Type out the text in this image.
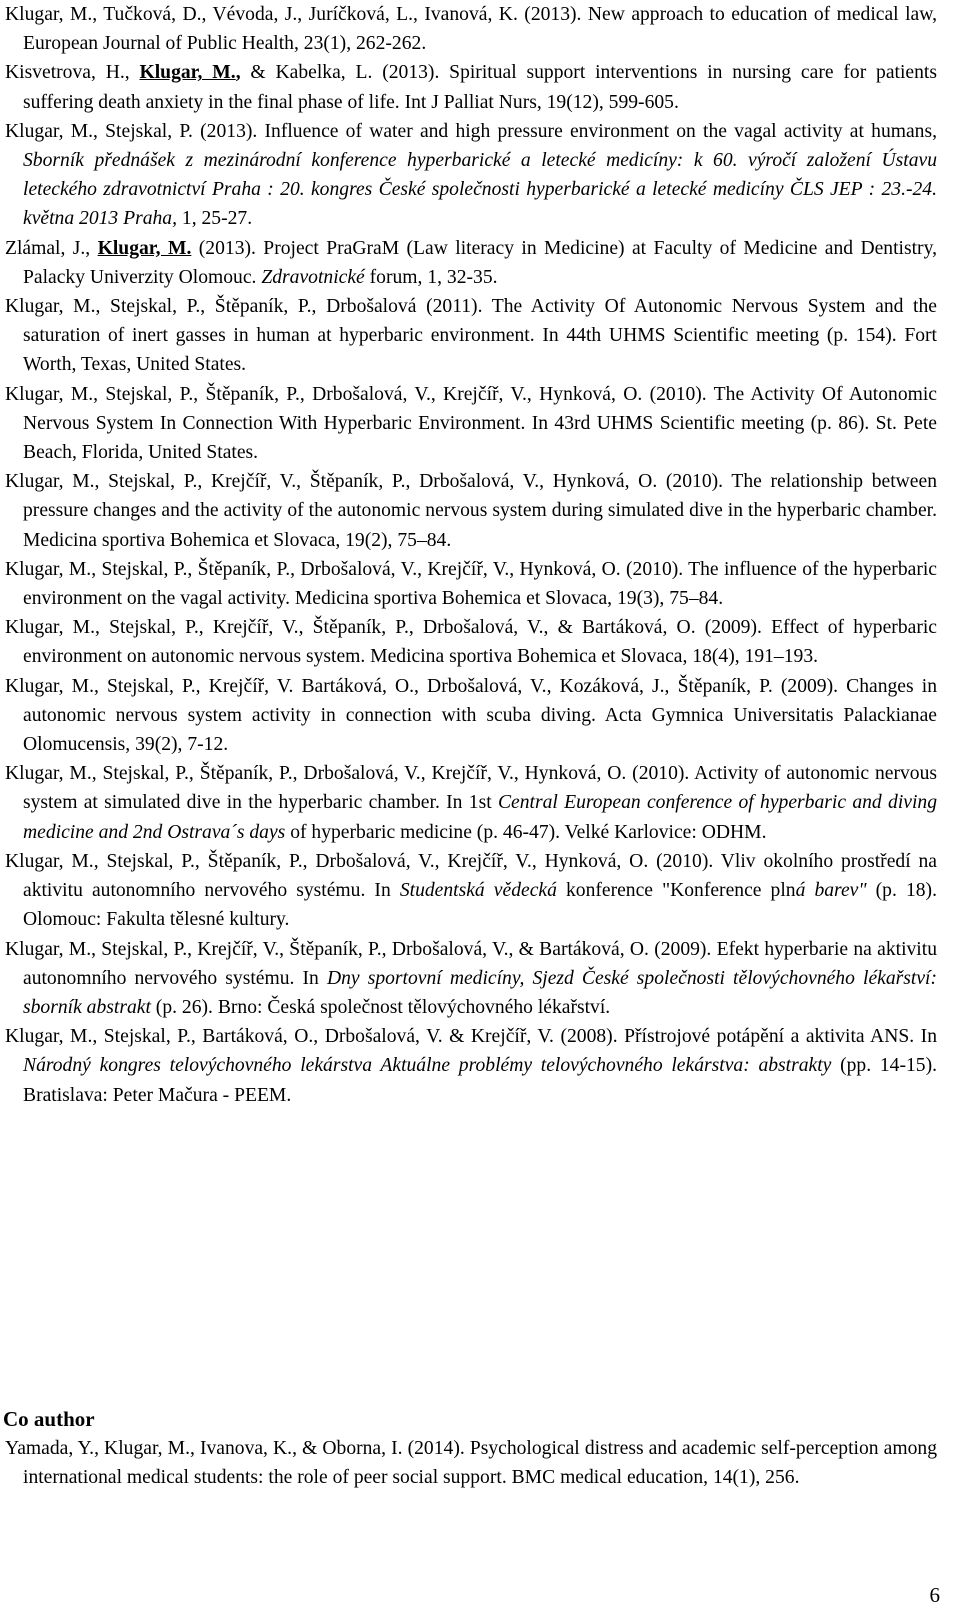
Klugar, M., Tučková, D., Vévoda, J., Juríčková, L., Ivanová, K. (2013). New approach to education of medical law, European Journal of Public Health, 23(1), 262-262.
Kisvetrova, H., Klugar, M., & Kabelka, L. (2013). Spiritual support interventions in nursing care for patients suffering death anxiety in the final phase of life. Int J Palliat Nurs, 19(12), 599-605.
Klugar, M., Stejskal, P. (2013). Influence of water and high pressure environment on the vagal activity at humans, Sborník přednášek z mezinárodní konference hyperbarické a letecké medicíny: k 60. výročí založení Ústavu leteckého zdravotnictví Praha : 20. kongres České společnosti hyperbarické a letecké medicíny ČLS JEP : 23.-24. května 2013 Praha, 1, 25-27.
Zlámal, J., Klugar, M. (2013). Project PraGraM (Law literacy in Medicine) at Faculty of Medicine and Dentistry, Palacky Univerzity Olomouc. Zdravotnické forum, 1, 32-35.
Klugar, M., Stejskal, P., Štěpaník, P., Drbošalová (2011). The Activity Of Autonomic Nervous System and the saturation of inert gasses in human at hyperbaric environment. In 44th UHMS Scientific meeting (p. 154). Fort Worth, Texas, United States.
Klugar, M., Stejskal, P., Štěpaník, P., Drbošalová, V., Krejčíř, V., Hynková, O. (2010). The Activity Of Autonomic Nervous System In Connection With Hyperbaric Environment. In 43rd UHMS Scientific meeting (p. 86). St. Pete Beach, Florida, United States.
Klugar, M., Stejskal, P., Krejčíř, V., Štěpaník, P., Drbošalová, V., Hynková, O. (2010). The relationship between pressure changes and the activity of the autonomic nervous system during simulated dive in the hyperbaric chamber. Medicina sportiva Bohemica et Slovaca, 19(2), 75–84.
Klugar, M., Stejskal, P., Štěpaník, P., Drbošalová, V., Krejčíř, V., Hynková, O. (2010). The influence of the hyperbaric environment on the vagal activity. Medicina sportiva Bohemica et Slovaca, 19(3), 75–84.
Klugar, M., Stejskal, P., Krejčíř, V., Štěpaník, P., Drbošalová, V., & Bartáková, O. (2009). Effect of hyperbaric environment on autonomic nervous system. Medicina sportiva Bohemica et Slovaca, 18(4), 191–193.
Klugar, M., Stejskal, P., Krejčíř, V. Bartáková, O., Drbošalová, V., Kozáková, J., Štěpaník, P. (2009). Changes in autonomic nervous system activity in connection with scuba diving. Acta Gymnica Universitatis Palackianae Olomucensis, 39(2), 7-12.
Klugar, M., Stejskal, P., Štěpaník, P., Drbošalová, V., Krejčíř, V., Hynková, O. (2010). Activity of autonomic nervous system at simulated dive in the hyperbaric chamber. In 1st Central European conference of hyperbaric and diving medicine and 2nd Ostrava´s days of hyperbaric medicine (p. 46-47). Velké Karlovice: ODHM.
Klugar, M., Stejskal, P., Štěpaník, P., Drbošalová, V., Krejčíř, V., Hynková, O. (2010). Vliv okolního prostředí na aktivitu autonomního nervového systému. In Studentská vědecká konference "Konference plná barev" (p. 18). Olomouc: Fakulta tělesné kultury.
Klugar, M., Stejskal, P., Krejčíř, V., Štěpaník, P., Drbošalová, V., & Bartáková, O. (2009). Efekt hyperbarie na aktivitu autonomního nervového systému. In Dny sportovní medicíny, Sjezd České společnosti tělovýchovného lékařství: sborník abstrakt (p. 26). Brno: Česká společnost tělovýchovného lékařství.
Klugar, M., Stejskal, P., Bartáková, O., Drbošalová, V. & Krejčíř, V. (2008). Přístrojové potápění a aktivita ANS. In Národný kongres telovýchovného lekárstva Aktuálne problémy telovýchovného lekárstva: abstrakty (pp. 14-15). Bratislava: Peter Mačura - PEEM.
Co author
Yamada, Y., Klugar, M., Ivanova, K., & Oborna, I. (2014). Psychological distress and academic self-perception among international medical students: the role of peer social support. BMC medical education, 14(1), 256.
6
